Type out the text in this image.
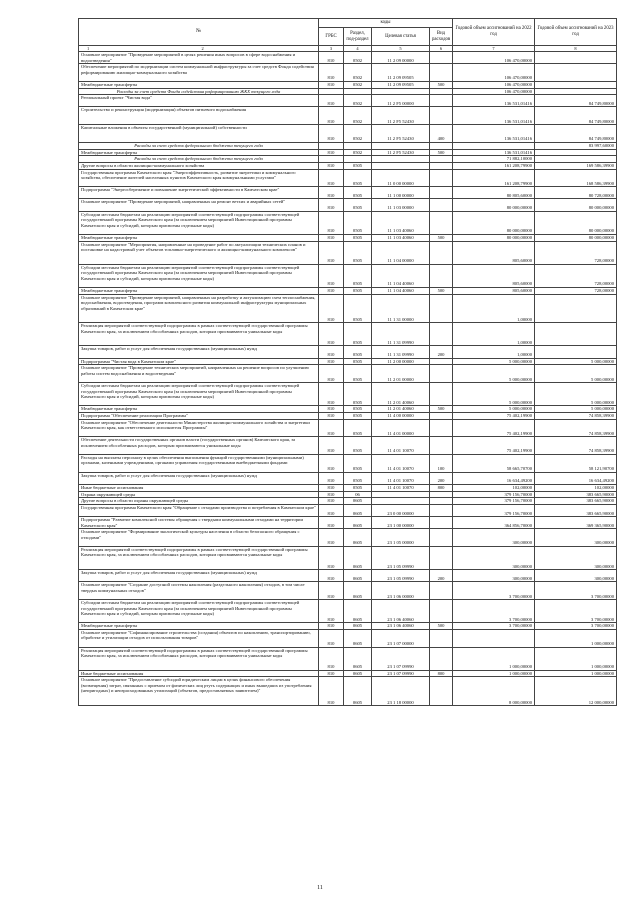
№	коды				Годовой объем ассигнований на 2022 год	Годовой объем ассигнований на 2023 год
	ГРБС	Раздел, под-раздел	Целевая статья	Вид расходов		

1 2	3	4	5	6	7	8
Основное мероприятие "Проведение мероприятий в целях решения иных вопросов в сфере водоснабжения и водоотведения"	810	0502	11 2 09 00000		106 470,00000	
Обеспечение мероприятий по модернизации систем коммунальной инфраструктуры за счет средств Фонда содействия реформированию жилищно-коммунального хозяйства	810	0502	11 2 09 09505		106 470,00000	
Межбюджетные трансферты	810	0502	11 2 09 09505	500	106 470,00000	
Расходы за счет средств Фонда содействия реформированию ЖКХ текущего года					106 470,00000	
Региональный проект "Чистая вода"	810	0502	11 2 F5 00000		136 531,01416	84 749,80000
Строительство и реконструкция (модернизация) объектов питьевого водоснабжения	810	0502	11 2 F5 52430		136 531,01416	84 749,80000
Капитальные вложения в объекты государственной (муниципальной) собственности	810	0502	11 2 F5 52430	400	136 531,01416	84 749,80000
Расходы за счет средств федерального бюджета текущего года						83 997,60000
Межбюджетные трансферты	810	0502	11 2 F5 52430	500	136 531,01416	
Расходы за счет средств федерального бюджета текущего года					71 882,10000	
Другие вопросы в области жилищно-коммунального хозяйства	810	0505			161 208,79900	169 586,39900
Государственная программа Камчатского края "Энергоэффективность, развитие энергетики и коммунального хозяйства, обеспечение жителей населенных пунктов Камчатского края коммунальными услугами"	810	0505	11 0 00 00000		161 208,79900	168 586,39900
Подпрограмма "Энергосбережение и повышение энергетической эффективности в Камчатском крае"	810	0505	11 1 00 00000		80 805,60000	80 728,00000
Основное мероприятие "Проведение мероприятий, направленных на ремонт ветхих и аварийных сетей"	810	0505	11 1 03 00000		80 000,00000	80 000,00000
Субсидии местным бюджетам на реализацию мероприятий соответствующей подпрограммы соответствующей государственной программы Камчатского края (за исключением мероприятий Инвестиционной программы Камчатского края и субсидий, которым присвоены отдельные коды)	810	0505	11 1 03 40060		80 000,00000	80 000,00000
Межбюджетные трансферты	810	0505	11 1 03 40060	500	80 000,00000	80 000,00000
Основное мероприятие "Мероприятия, направленные на проведение работ по актуализации технических планов и постановке на кадастровый учет объектов топливно-энергетического и жилищно-коммунального комплексов"	810	0505	11 1 04 00000		805,60000	728,00000
Субсидии местным бюджетам на реализацию мероприятий соответствующей подпрограммы соответствующей государственной программы Камчатского края (за исключением мероприятий Инвестиционной программы Камчатского края и субсидий, которым присвоены отдельные коды)	810	0505	11 1 04 40060		805,60000	728,00000
Межбюджетные трансферты	810	0505	11 1 04 40060	500	805,60000	728,00000
Основное мероприятие "Проведение мероприятий, направленных на разработку и актуализацию схем теплоснабжения, водоснабжения, водоотведения, программ комплексного развития коммунальной инфраструктуры муниципальных образований в Камчатском крае"	810	0505	11 1 31 00000		1,00000	
Реализация мероприятий соответствующей подпрограммы в рамках соответствующей государственной программы Камчатского края, за исключением обособленных расходов, которым присваиваются уникальные коды	810	0505	11 1 31 09990		1,00000	
Закупка товаров, работ и услуг для обеспечения государственных (муниципальных) нужд	810	0505	11 1 31 09990	200	1,00000	
Подпрограмма "Чистая вода в Камчатском крае"	810	0505	11 2 00 00000		5 000,00000	5 000,00000
Основное мероприятие "Проведение технических мероприятий, направленных на решение вопросов по улучшению работы систем водоснабжения и водоотведения"	810	0505	11 2 01 00000		5 000,00000	5 000,00000
Субсидии местным бюджетам на реализацию мероприятий соответствующей подпрограммы соответствующей государственной программы Камчатского края (за исключением мероприятий Инвестиционной программы Камчатского края и субсидий, которым присвоены отдельные коды)	810	0505	11 2 01 40060		5 000,00000	5 000,00000
Межбюджетные трансферты	810	0505	11 2 01 40060	500	5 000,00000	5 000,00000
Подпрограмма "Обеспечение реализации Программы"	810	0505	11 4 00 00000		75 402,19900	74 858,39900
Основное мероприятие "Обеспечение деятельности Министерства жилищно-коммунального хозяйства и энергетики Камчатского края, как ответственного исполнителя Программы"	810	0505	11 4 01 00000		75 402,19900	74 858,39900
Обеспечение деятельности государственных органов власти (государственных органов) Камчатского края, за исключением обособленных расходов, которым присваиваются уникальные коды	810	0505	11 4 01 10070		75 402,19900	74 858,39900
Расходы на выплаты персоналу в целях обеспечения выполнения функций государственными (муниципальными) органами, казенными учреждениями, органами управления государственными внебюджетными фондами	810	0505	11 4 01 10070	100	58 665,70700	58 121,90700
Закупка товаров, работ и услуг для обеспечения государственных (муниципальных) нужд	810	0505	11 4 01 10070	200	16 634,49200	16 634,49200
Иные бюджетные ассигнования	810	0505	11 4 01 10070	800	102,00000	102,00000
Охрана окружающей среды	810	06			379 156,70000	383 665,90000
Другие вопросы в области охраны окружающей среды	810	0605			379 156,70000	383 665,90000
Государственная программа Камчатского края "Обращение с отходами производства и потребления в Камчатском крае"	810	0605	23 0 00 00000		379 156,70000	383 665,90000
Подпрограмма "Развитие комплексной системы обращения с твердыми коммунальными отходами на территории Камчатского края"	810	0605	23 1 00 00000		364 856,70000	369 365,90000
Основное мероприятие "Формирование экологической культуры населения в области безопасного обращения с отходами"	810	0605	23 1 05 00000		300,00000	300,00000
Реализация мероприятий соответствующей подпрограммы в рамках соответствующей государственной программы Камчатского края, за исключением обособленных расходов, которым присваиваются уникальные коды	810	0605	23 1 05 09990		300,00000	300,00000
Закупка товаров, работ и услуг для обеспечения государственных (муниципальных) нужд	810	0605	23 1 05 09990	200	300,00000	300,00000
Основное мероприятие "Создание доступной системы накопления (раздельного накопления) отходов, в том числе твердых коммунальных отходов"	810	0605	23 1 06 00000		3 700,00000	3 700,00000
Субсидии местным бюджетам на реализацию мероприятий соответствующей подпрограммы соответствующей государственной программы Камчатского края (за исключением мероприятий Инвестиционной программы Камчатского края и субсидий, которым присвоены отдельные коды)	810	0605	23 1 06 40060		3 700,00000	3 700,00000
Межбюджетные трансферты	810	0605	23 1 06 40060	500	3 700,00000	3 700,00000
Основное мероприятие "Софинансирование строительства (создания) объектов по накоплению, транспортированию, обработке и утилизации отходов от использования товаров"	810	0605	23 1 07 00000			1 000,00000
Реализация мероприятий соответствующей подпрограммы в рамках соответствующей государственной программы Камчатского края, за исключением обособленных расходов, которым присваиваются уникальные коды	810	0605	23 1 07 09990		1 000,00000	1 000,00000
Иные бюджетные ассигнования	810	0605	23 1 07 09990	800	1 000,00000	1 000,00000
Основное мероприятие "Предоставление субсидий юридическим лицам в целях финансового обеспечения (возмещения) затрат, связанных с приемом от физических лиц ртуть содержащих и иных вышедших из употребления (непригодных) и неизрасходованных утилизаций (объектов, предоставляемых заявителем)"	810	0605	23 1 18 00000		8 000,00000	12 000,00000
11
